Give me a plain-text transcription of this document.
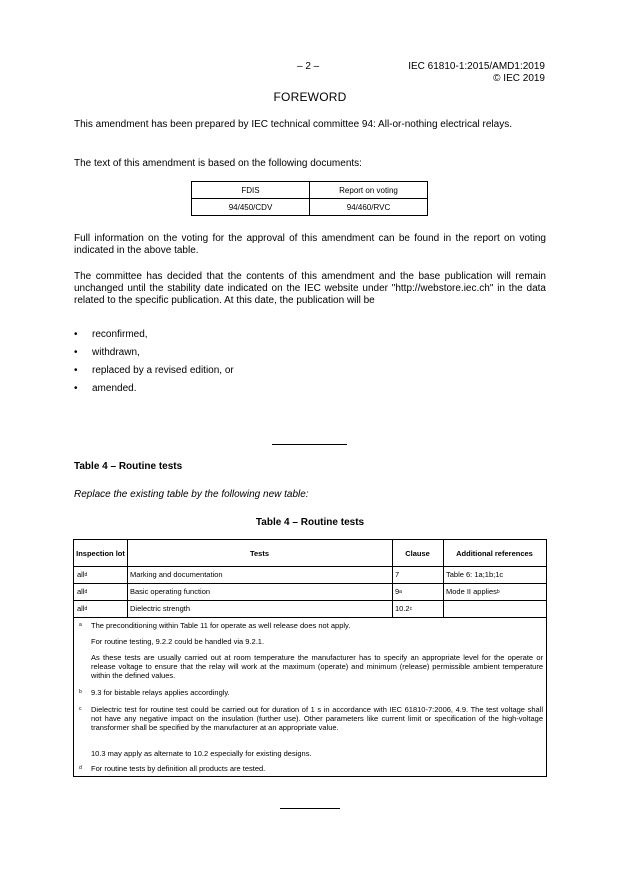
– 2 –	IEC 61810-1:2015/AMD1:2019
© IEC 2019
FOREWORD
This amendment has been prepared by IEC technical committee 94: All-or-nothing electrical relays.
The text of this amendment is based on the following documents:
FDIS	Report on voting
94/450/CDV	94/460/RVC
Full information on the voting for the approval of this amendment can be found in the report on voting indicated in the above table.
The committee has decided that the contents of this amendment and the base publication will remain unchanged until the stability date indicated on the IEC website under "http://webstore.iec.ch" in the data related to the specific publication. At this date, the publication will be
• reconfirmed,
• withdrawn,
• replaced by a revised edition, or
• amended.
Table 4 – Routine tests
Replace the existing table by the following new table:
Table 4 – Routine tests
Inspection lot	Tests	Clause	Additional references
all d	Marking and documentation	7	Table 6: 1a;1b;1c
all d	Basic operating function	9 a	Mode II applies b
all d	Dielectric strength	10.2 c
a The preconditioning within Table 11 for operate as well release does not apply.
For routine testing, 9.2.2 could be handled via 9.2.1.
As these tests are usually carried out at room temperature the manufacturer has to specify an appropriate level for the operate or release voltage to ensure that the relay will work at the maximum (operate) and minimum (release) permissible ambient temperature within the defined values.
b 9.3 for bistable relays applies accordingly.
c Dielectric test for routine test could be carried out for duration of 1 s in accordance with IEC 61810-7:2006, 4.9. The test voltage shall not have any negative impact on the insulation (further use). Other parameters like current limit or specification of the high-voltage transformer shall be specified by the manufacturer at an appropriate value.
10.3 may apply as alternate to 10.2 especially for existing designs.
d For routine tests by definition all products are tested.
